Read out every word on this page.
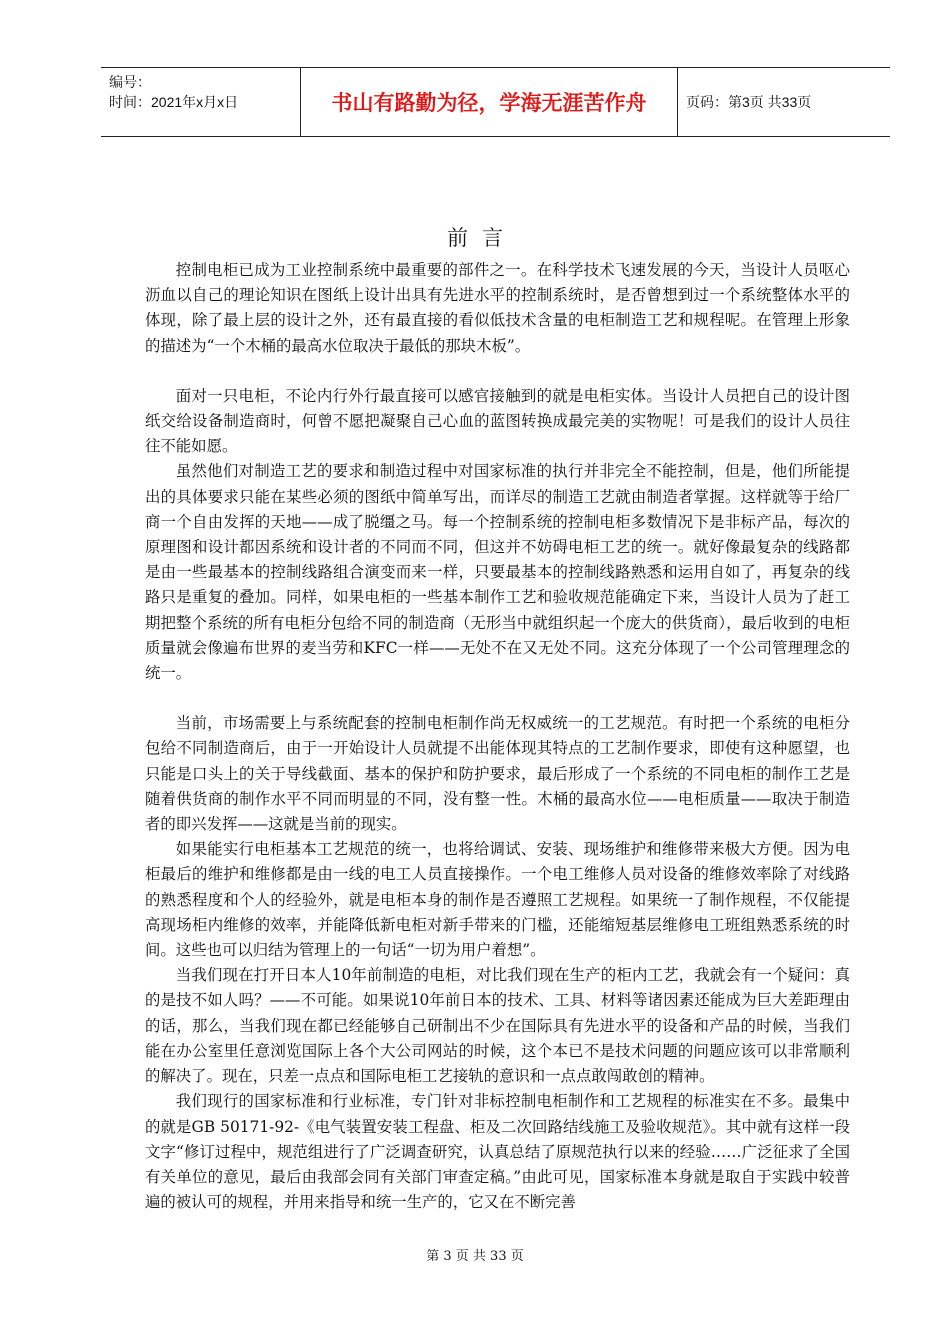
编号：
时间：2021年x月x日	书山有路勤为径，学海无涯苦作舟	页码：第3页 共33页
前言

控制电柜已成为工业控制系统中最重要的部件之一。在科学技术飞速发展的今天，当设计人员呕心沥血以自己的理论知识在图纸上设计出具有先进水平的控制系统时，是否曾想到过一个系统整体水平的体现，除了最上层的设计之外，还有最直接的看似低技术含量的电柜制造工艺和规程呢。在管理上形象的描述为“一个木桶的最高水位取决于最低的那块木板”。

面对一只电柜，不论内行外行最直接可以感官接触到的就是电柜实体。当设计人员把自己的设计图纸交给设备制造商时，何曾不愿把凝聚自己心血的蓝图转换成最完美的实物呢！可是我们的设计人员往往不能如愿。

虽然他们对制造工艺的要求和制造过程中对国家标准的执行并非完全不能控制，但是，他们所能提出的具体要求只能在某些必须的图纸中简单写出，而详尽的制造工艺就由制造者掌握。这样就等于给厂商一个自由发挥的天地——成了脱缰之马。每一个控制系统的控制电柜多数情况下是非标产品，每次的原理图和设计都因系统和设计者的不同而不同，但这并不妨碍电柜工艺的统一。就好像最复杂的线路都是由一些最基本的控制线路组合演变而来一样，只要最基本的控制线路熟悉和运用自如了，再复杂的线路只是重复的叠加。同样，如果电柜的一些基本制作工艺和验收规范能确定下来，当设计人员为了赶工期把整个系统的所有电柜分包给不同的制造商（无形当中就组织起一个庞大的供货商），最后收到的电柜质量就会像遍布世界的麦当劳和KFC一样——无处不在又无处不同。这充分体现了一个公司管理理念的统一。

当前，市场需要上与系统配套的控制电柜制作尚无权威统一的工艺规范。有时把一个系统的电柜分包给不同制造商后，由于一开始设计人员就提不出能体现其特点的工艺制作要求，即使有这种愿望，也只能是口头上的关于导线截面、基本的保护和防护要求，最后形成了一个系统的不同电柜的制作工艺是随着供货商的制作水平不同而明显的不同，没有整一性。木桶的最高水位——电柜质量——取决于制造者的即兴发挥——这就是当前的现实。

如果能实行电柜基本工艺规范的统一，也将给调试、安装、现场维护和维修带来极大方便。因为电柜最后的维护和维修都是由一线的电工人员直接操作。一个电工维修人员对设备的维修效率除了对线路的熟悉程度和个人的经验外，就是电柜本身的制作是否遵照工艺规程。如果统一了制作规程，不仅能提高现场柜内维修的效率，并能降低新电柜对新手带来的门槛，还能缩短基层维修电工班组熟悉系统的时间。这些也可以归结为管理上的一句话“一切为用户着想”。

当我们现在打开日本人10年前制造的电柜，对比我们现在生产的柜内工艺，我就会有一个疑问：真的是技不如人吗？——不可能。如果说10年前日本的技术、工具、材料等诸因素还能成为巨大差距理由的话，那么，当我们现在都已经能够自己研制出不少在国际具有先进水平的设备和产品的时候，当我们能在办公室里任意浏览国际上各个大公司网站的时候，这个本已不是技术问题的问题应该可以非常顺利的解决了。现在，只差一点点和国际电柜工艺接轨的意识和一点点敢闯敢创的精神。

我们现行的国家标准和行业标准，专门针对非标控制电柜制作和工艺规程的标准实在不多。最集中的就是GB 50171-92-《电气装置安装工程盘、柜及二次回路结线施工及验收规范》。其中就有这样一段文字“修订过程中，规范组进行了广泛调查研究，认真总结了原规范执行以来的经验……广泛征求了全国有关单位的意见，最后由我部会同有关部门审查定稿。”由此可见，国家标准本身就是取自于实践中较普遍的被认可的规程，并用来指导和统一生产的，它又在不断完善

第 3 页 共 33 页
